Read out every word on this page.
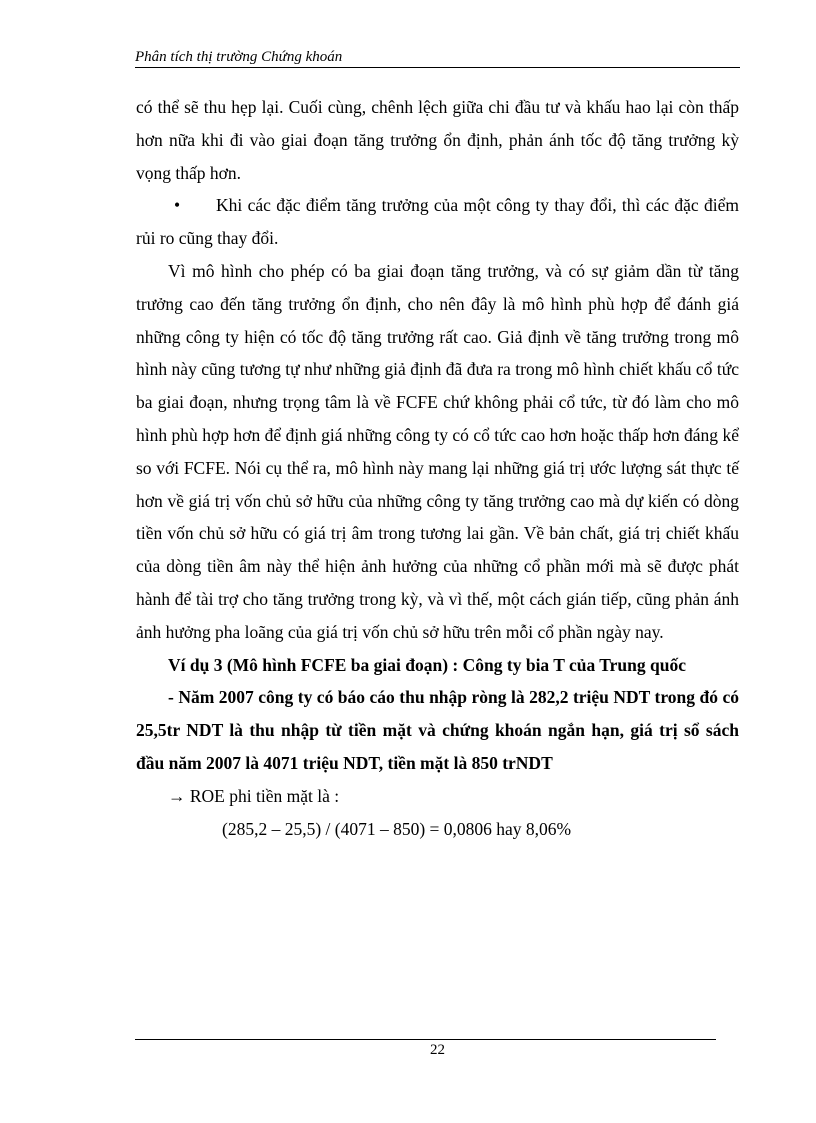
Phân tích thị trường Chứng khoán

có thể sẽ thu hẹp lại. Cuối cùng, chênh lệch giữa chi đầu tư và khấu hao lại còn thấp hơn nữa khi đi vào giai đoạn tăng trưởng ổn định, phản ánh tốc độ tăng trưởng kỳ vọng thấp hơn.

• Khi các đặc điểm tăng trưởng của một công ty thay đổi, thì các đặc điểm rủi ro cũng thay đổi.

Vì mô hình cho phép có ba giai đoạn tăng trưởng, và có sự giảm dần từ tăng trưởng cao đến tăng trưởng ổn định, cho nên đây là mô hình phù hợp để đánh giá những công ty hiện có tốc độ tăng trưởng rất cao. Giả định về tăng trưởng trong mô hình này cũng tương tự như những giả định đã đưa ra trong mô hình chiết khấu cổ tức ba giai đoạn, nhưng trọng tâm là về FCFE chứ không phải cổ tức, từ đó làm cho mô hình phù hợp hơn để định giá những công ty có cổ tức cao hơn hoặc thấp hơn đáng kể so với FCFE. Nói cụ thể ra, mô hình này mang lại những giá trị ước lượng sát thực tế hơn về giá trị vốn chủ sở hữu của những công ty tăng trưởng cao mà dự kiến có dòng tiền vốn chủ sở hữu có giá trị âm trong tương lai gần. Về bản chất, giá trị chiết khấu của dòng tiền âm này thể hiện ảnh hưởng của những cổ phần mới mà sẽ được phát hành để tài trợ cho tăng trưởng trong kỳ, và vì thế, một cách gián tiếp, cũng phản ánh ảnh hưởng pha loãng của giá trị vốn chủ sở hữu trên mỗi cổ phần ngày nay.

Ví dụ 3 (Mô hình FCFE ba giai đoạn) : Công ty bia T của Trung quốc

- Năm 2007 công ty có báo cáo thu nhập ròng là 282,2 triệu NDT trong đó có 25,5tr NDT là thu nhập từ tiền mặt và chứng khoán ngắn hạn, giá trị sổ sách đầu năm 2007 là 4071 triệu NDT, tiền mặt là 850 trNDT

→ ROE phi tiền mặt là :

(285,2 – 25,5) / (4071 – 850) = 0,0806 hay 8,06%

22
